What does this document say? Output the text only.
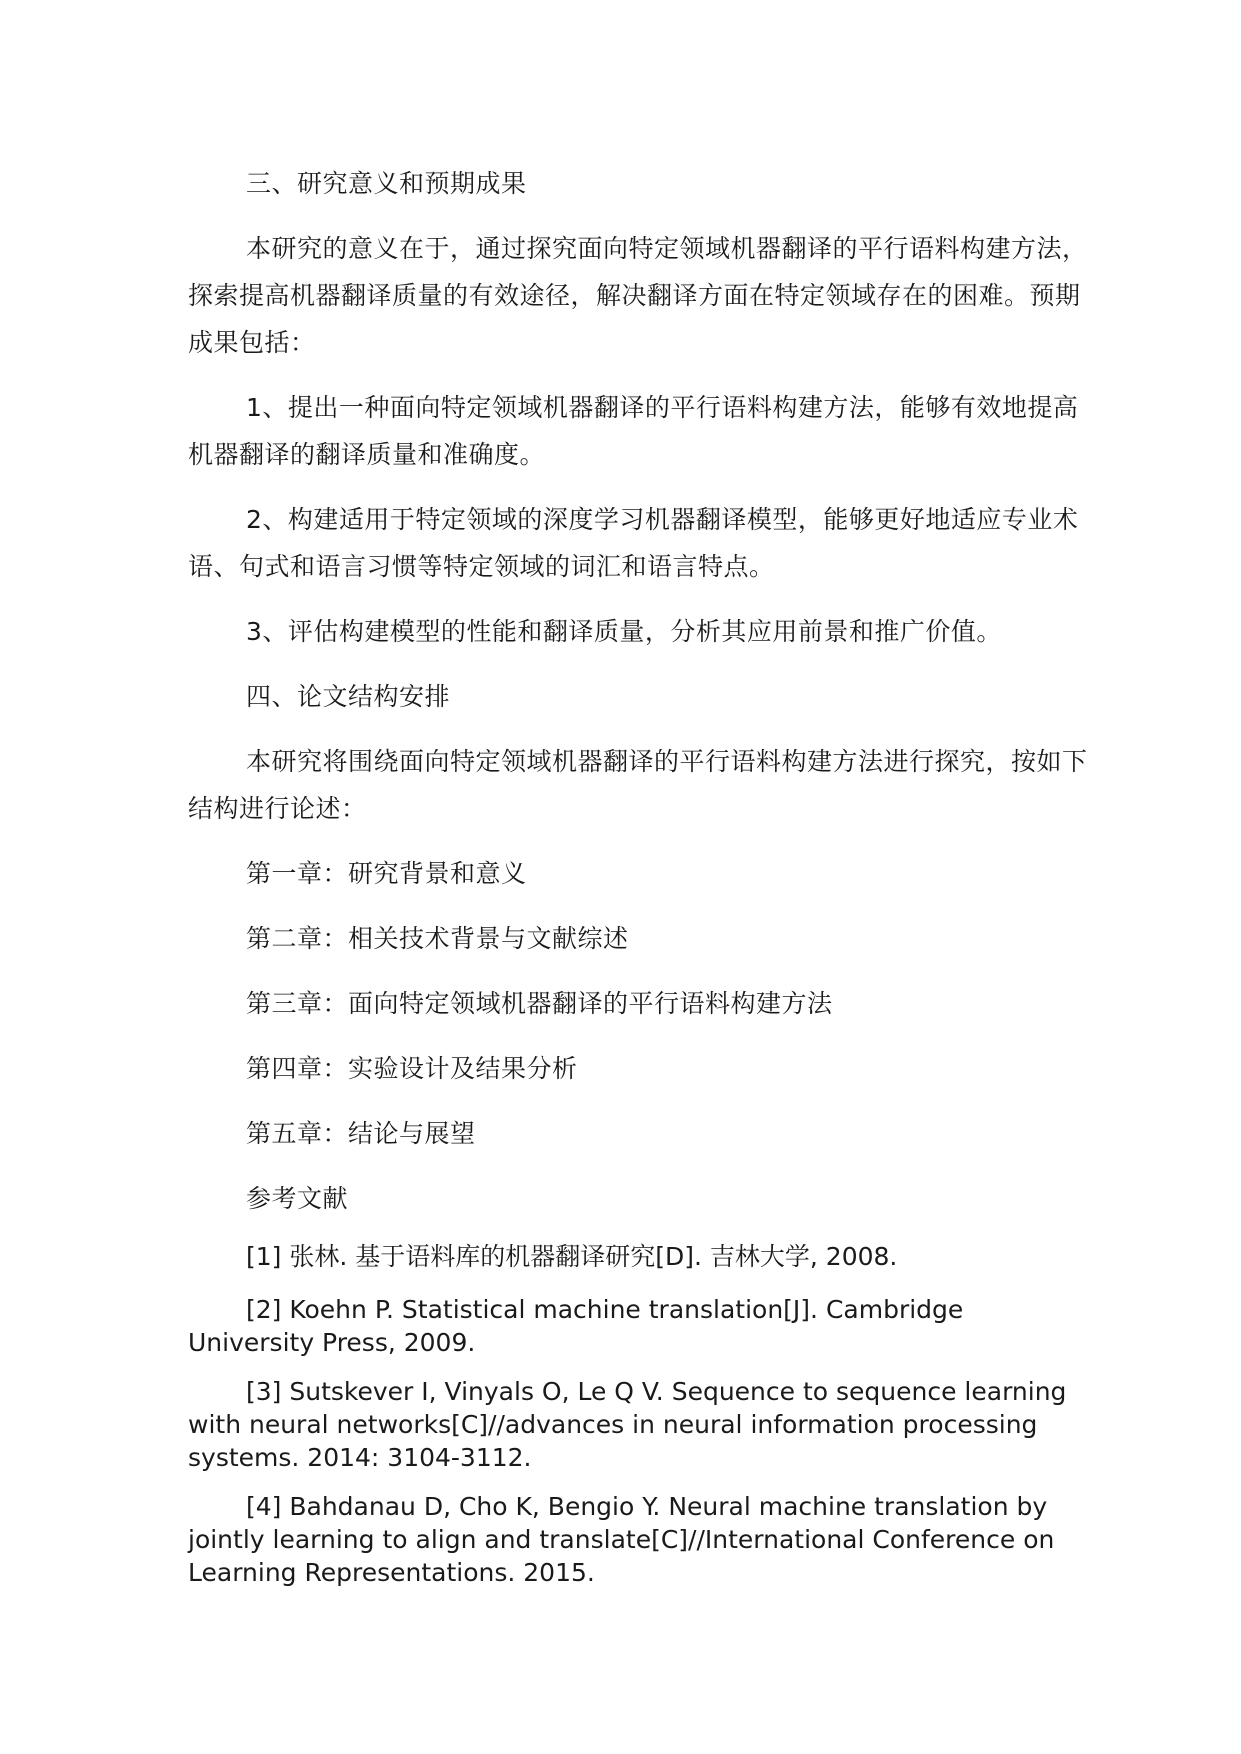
三、研究意义和预期成果

本研究的意义在于，通过探究面向特定领域机器翻译的平行语料构建方法，探索提高机器翻译质量的有效途径，解决翻译方面在特定领域存在的困难。预期成果包括：

1、提出一种面向特定领域机器翻译的平行语料构建方法，能够有效地提高机器翻译的翻译质量和准确度。

2、构建适用于特定领域的深度学习机器翻译模型，能够更好地适应专业术语、句式和语言习惯等特定领域的词汇和语言特点。

3、评估构建模型的性能和翻译质量，分析其应用前景和推广价值。

四、论文结构安排

本研究将围绕面向特定领域机器翻译的平行语料构建方法进行探究，按如下结构进行论述：

第一章：研究背景和意义

第二章：相关技术背景与文献综述

第三章：面向特定领域机器翻译的平行语料构建方法

第四章：实验设计及结果分析

第五章：结论与展望

参考文献

[1] 张林. 基于语料库的机器翻译研究[D]. 吉林大学, 2008.

[2] Koehn P. Statistical machine translation[J]. Cambridge University Press, 2009.

[3] Sutskever I, Vinyals O, Le Q V. Sequence to sequence learning with neural networks[C]//advances in neural information processing systems. 2014: 3104-3112.

[4] Bahdanau D, Cho K, Bengio Y. Neural machine translation by jointly learning to align and translate[C]//International Conference on Learning Representations. 2015.
